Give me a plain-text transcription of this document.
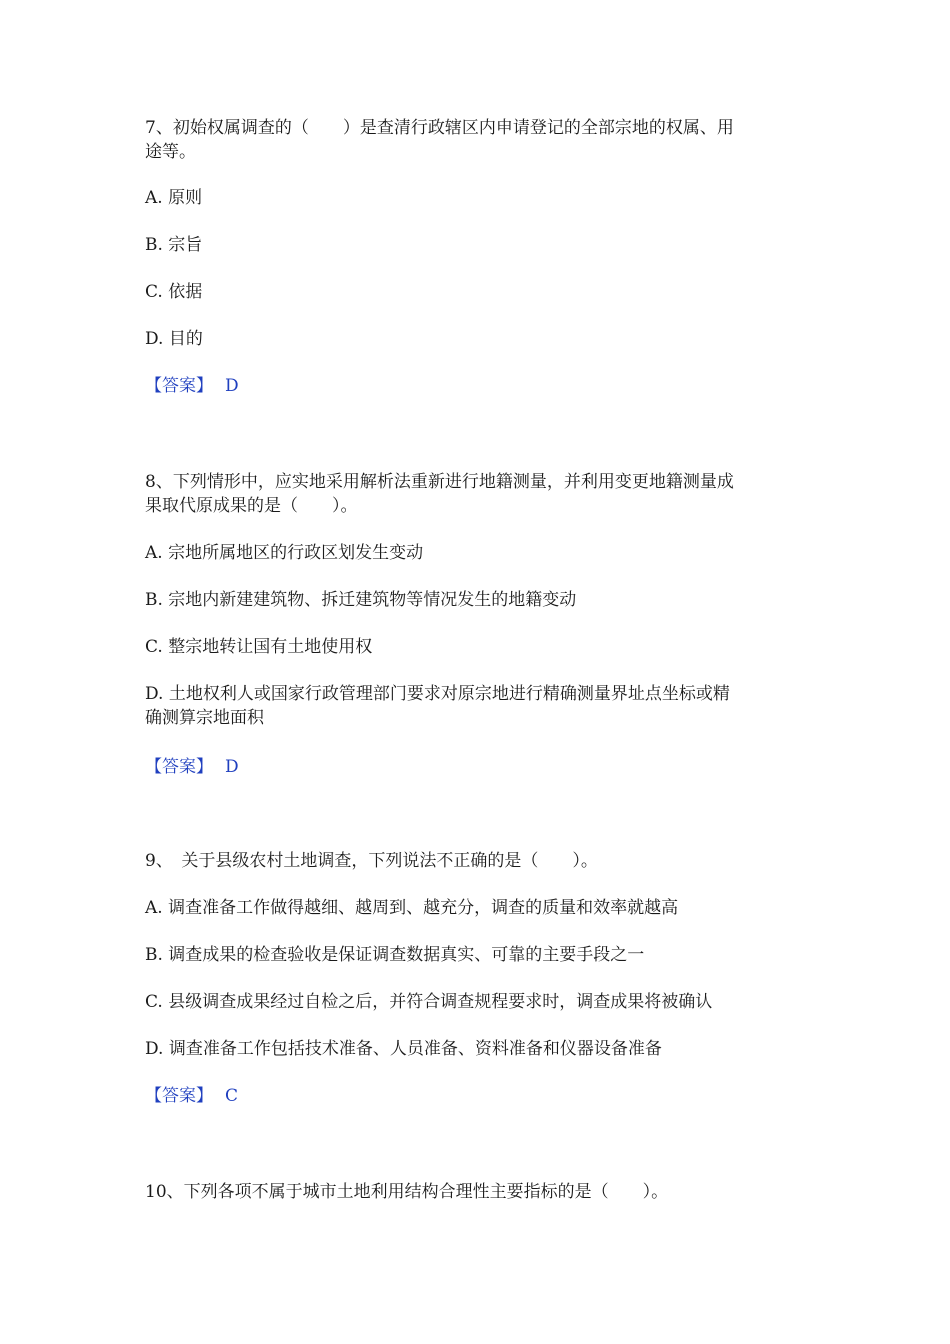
7、初始权属调查的（　　）是查清行政辖区内申请登记的全部宗地的权属、用
途等。
A. 原则
B. 宗旨
C. 依据
D. 目的
【答案】 D
8、下列情形中，应实地采用解析法重新进行地籍测量，并利用变更地籍测量成
果取代原成果的是（　　）。
A. 宗地所属地区的行政区划发生变动
B. 宗地内新建建筑物、拆迁建筑物等情况发生的地籍变动
C. 整宗地转让国有土地使用权
D. 土地权利人或国家行政管理部门要求对原宗地进行精确测量界址点坐标或精
确测算宗地面积
【答案】 D
9、　关于县级农村土地调查，下列说法不正确的是（　　）。
A. 调查准备工作做得越细、越周到、越充分，调查的质量和效率就越高
B. 调查成果的检查验收是保证调查数据真实、可靠的主要手段之一
C. 县级调查成果经过自检之后，并符合调查规程要求时，调查成果将被确认
D. 调查准备工作包括技术准备、人员准备、资料准备和仪器设备准备
【答案】 C
10、下列各项不属于城市土地利用结构合理性主要指标的是（　　）。
